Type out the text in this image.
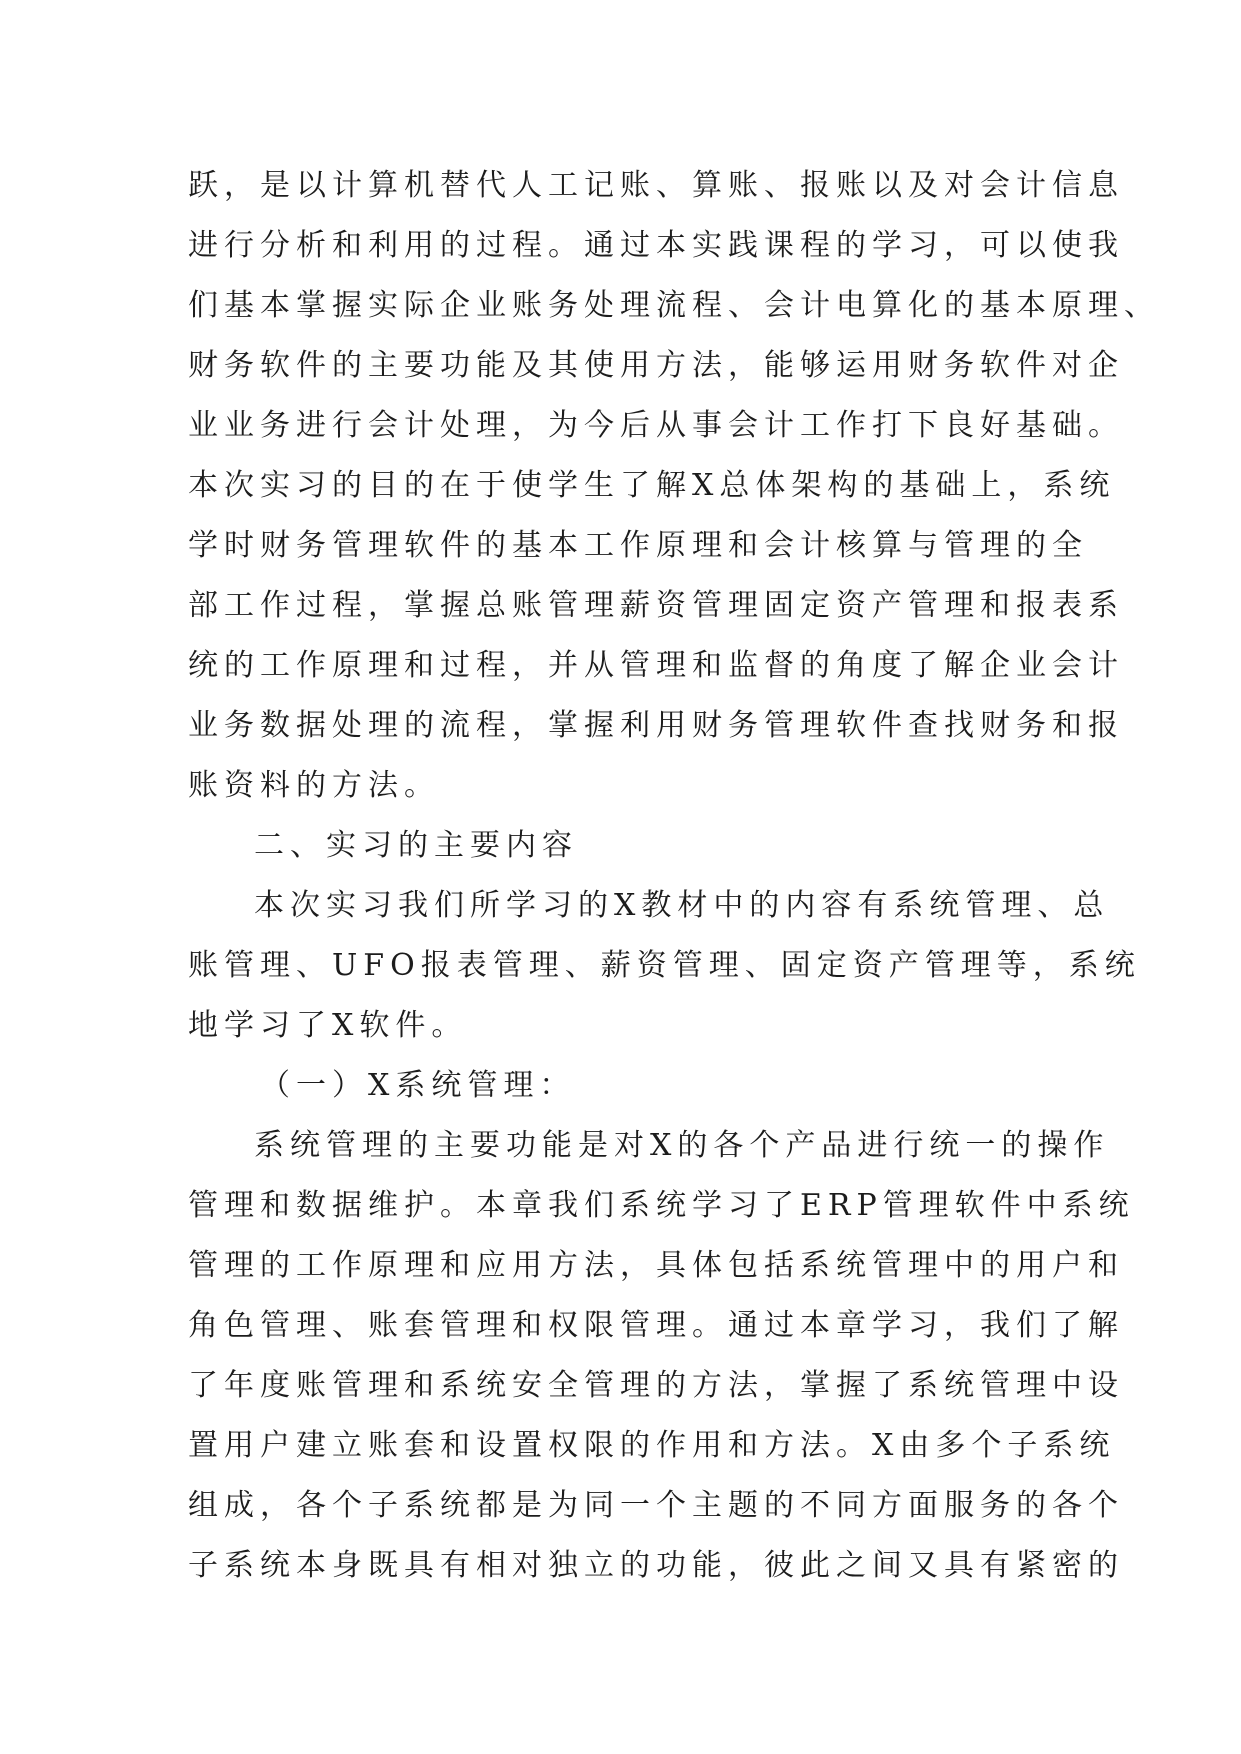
跃，是以计算机替代人工记账、算账、报账以及对会计信息
进行分析和利用的过程。通过本实践课程的学习，可以使我
们基本掌握实际企业账务处理流程、会计电算化的基本原理、
财务软件的主要功能及其使用方法，能够运用财务软件对企
业业务进行会计处理，为今后从事会计工作打下良好基础。
本次实习的目的在于使学生了解X总体架构的基础上，系统
学时财务管理软件的基本工作原理和会计核算与管理的全
部工作过程，掌握总账管理薪资管理固定资产管理和报表系
统的工作原理和过程，并从管理和监督的角度了解企业会计
业务数据处理的流程，掌握利用财务管理软件查找财务和报
账资料的方法。
二、实习的主要内容
本次实习我们所学习的X教材中的内容有系统管理、总
账管理、UFO报表管理、薪资管理、固定资产管理等，系统
地学习了X软件。
（一）X系统管理：
系统管理的主要功能是对X的各个产品进行统一的操作
管理和数据维护。本章我们系统学习了ERP管理软件中系统
管理的工作原理和应用方法，具体包括系统管理中的用户和
角色管理、账套管理和权限管理。通过本章学习，我们了解
了年度账管理和系统安全管理的方法，掌握了系统管理中设
置用户建立账套和设置权限的作用和方法。X由多个子系统
组成，各个子系统都是为同一个主题的不同方面服务的各个
子系统本身既具有相对独立的功能，彼此之间又具有紧密的
